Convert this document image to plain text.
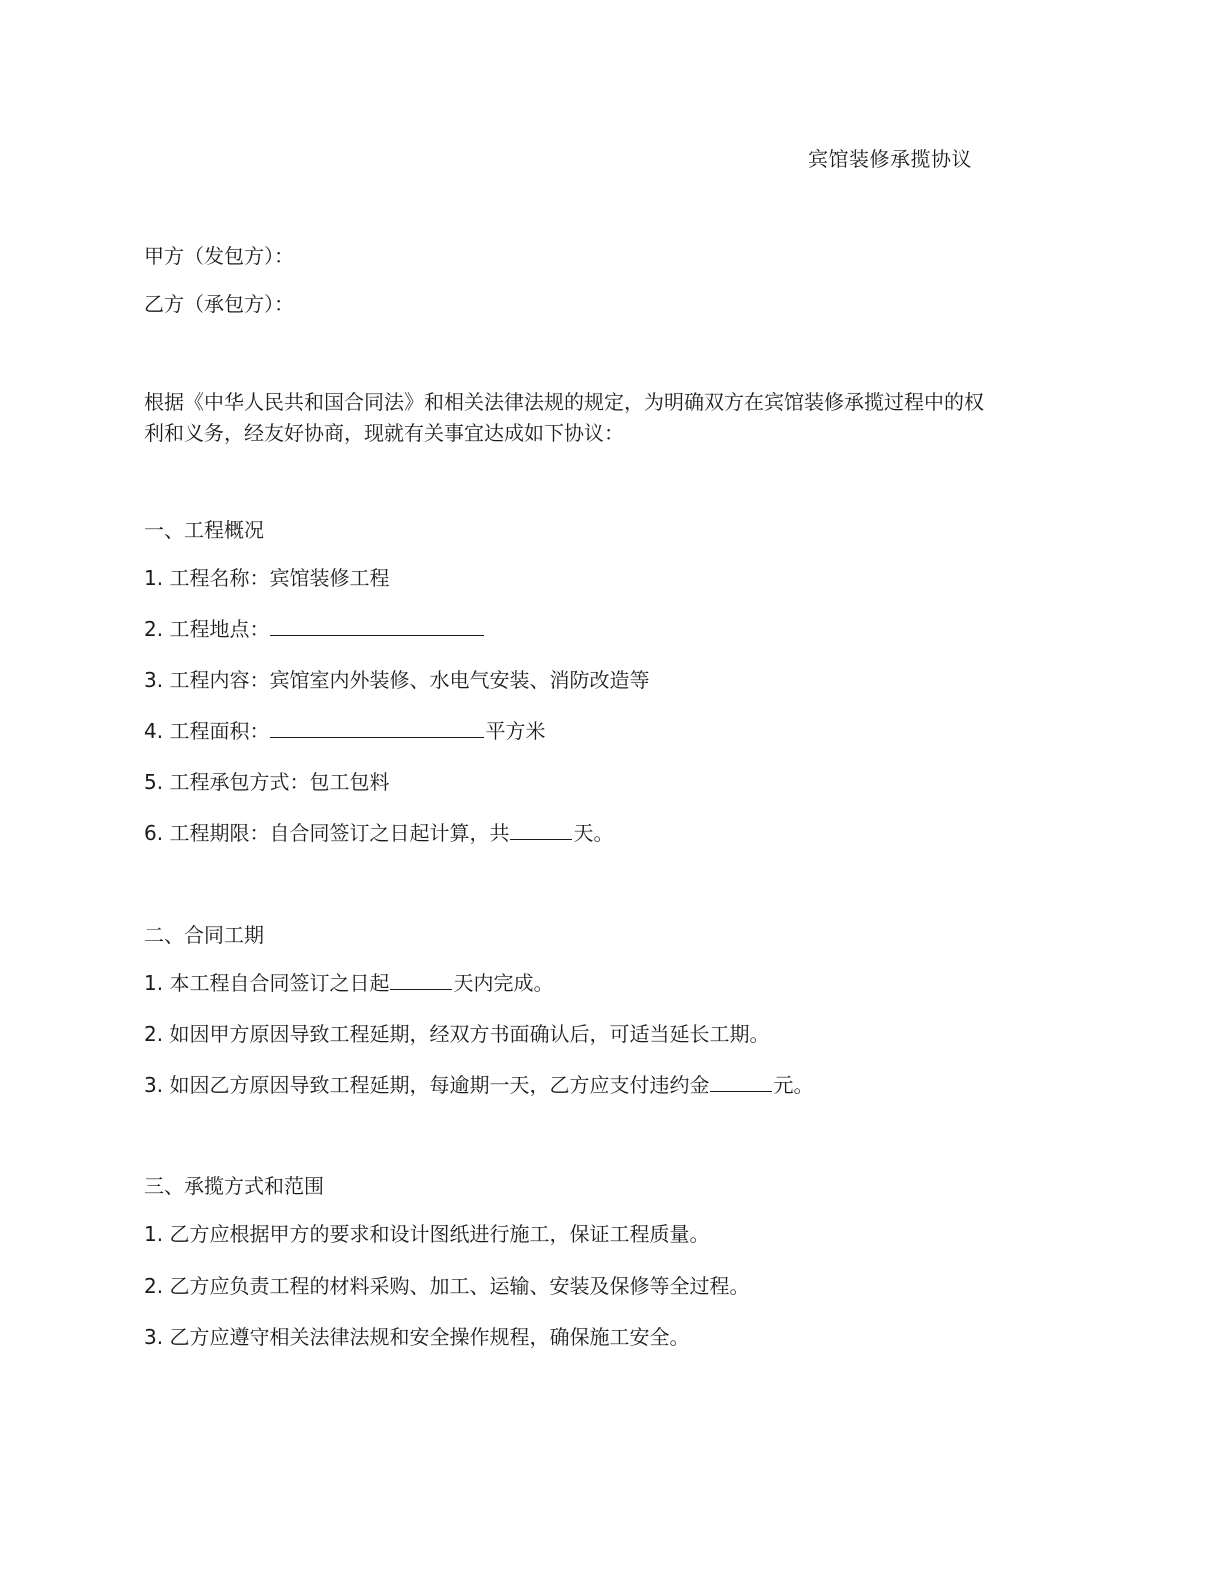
宾馆装修承揽协议
甲方（发包方）：
乙方（承包方）：
根据《中华人民共和国合同法》和相关法律法规的规定，为明确双方在宾馆装修承揽过程中的权
利和义务，经友好协商，现就有关事宜达成如下协议：
一、工程概况
1. 工程名称：宾馆装修工程
2. 工程地点：
3. 工程内容：宾馆室内外装修、水电气安装、消防改造等
4. 工程面积：	平方米
5. 工程承包方式：包工包料
6. 工程期限：自合同签订之日起计算，共	天。
二、合同工期
1. 本工程自合同签订之日起	天内完成。
2. 如因甲方原因导致工程延期，经双方书面确认后，可适当延长工期。
3. 如因乙方原因导致工程延期，每逾期一天，乙方应支付违约金	元。
三、承揽方式和范围
1. 乙方应根据甲方的要求和设计图纸进行施工，保证工程质量。
2. 乙方应负责工程的材料采购、加工、运输、安装及保修等全过程。
3. 乙方应遵守相关法律法规和安全操作规程，确保施工安全。
